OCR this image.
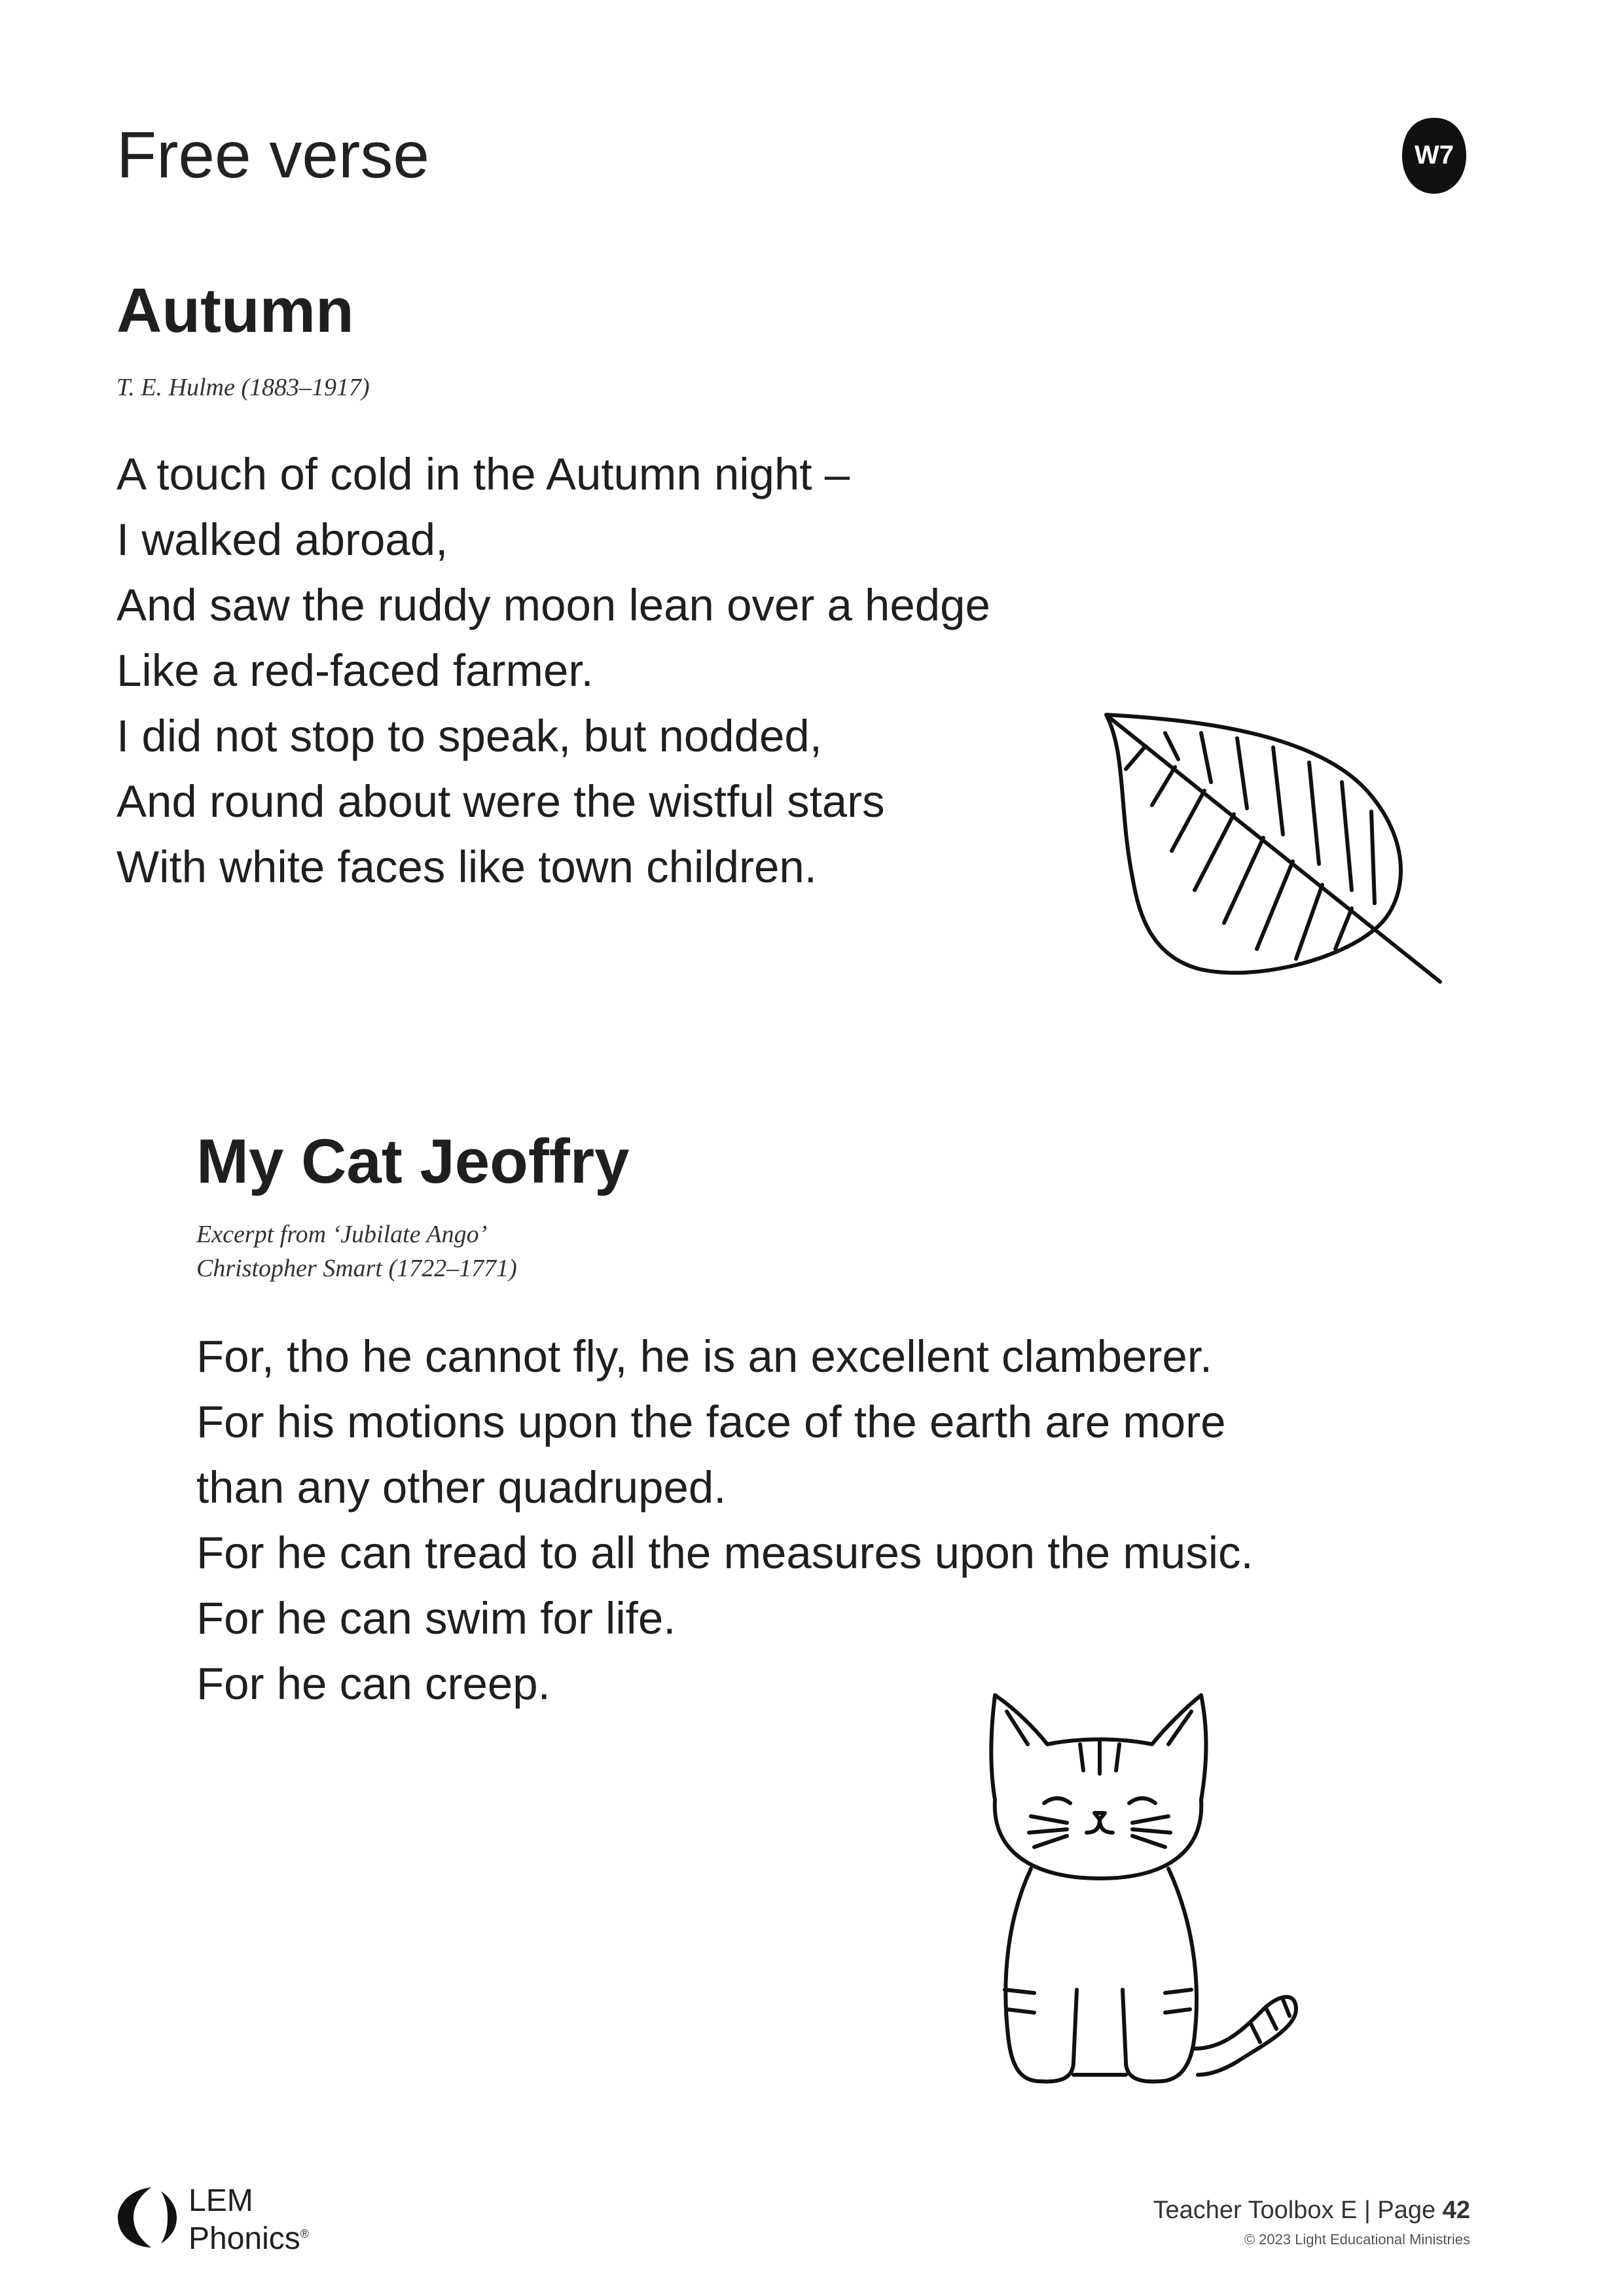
Free verse	W7
Autumn
T. E. Hulme (1883–1917)
A touch of cold in the Autumn night –
I walked abroad,
And saw the ruddy moon lean over a hedge
Like a red-faced farmer.
I did not stop to speak, but nodded,
And round about were the wistful stars
With white faces like town children.
My Cat Jeoffry
Excerpt from ‘Jubilate Ango’
Christopher Smart (1722–1771)
For, tho he cannot fly, he is an excellent clamberer.
For his motions upon the face of the earth are more
than any other quadruped.
For he can tread to all the measures upon the music.
For he can swim for life.
For he can creep.
LEM
Phonics®
Teacher Toolbox E | Page 42
© 2023 Light Educational Ministries
